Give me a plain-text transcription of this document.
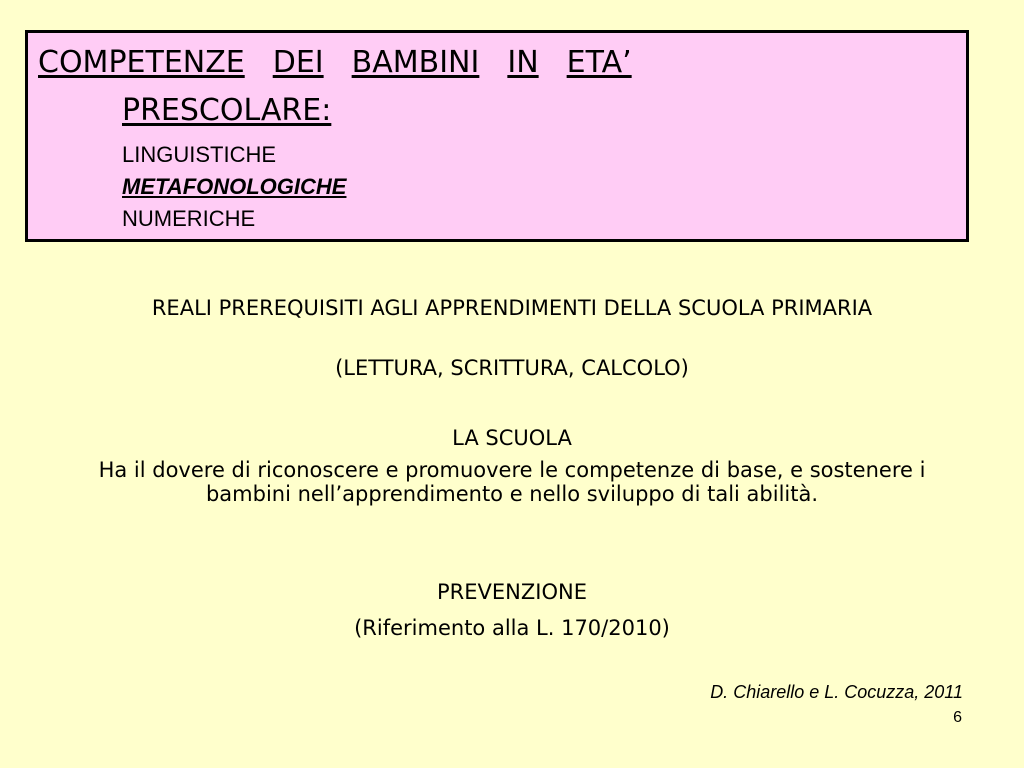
COMPETENZE DEI BAMBINI IN ETA’
PRESCOLARE:
LINGUISTICHE
METAFONOLOGICHE
NUMERICHE
REALI PREREQUISITI AGLI APPRENDIMENTI DELLA SCUOLA PRIMARIA
(LETTURA, SCRITTURA, CALCOLO)
LA SCUOLA
Ha il dovere di riconoscere e promuovere le competenze di base, e sostenere i bambini nell’apprendimento e nello sviluppo di tali abilità.
PREVENZIONE
(Riferimento alla L. 170/2010)
D. Chiarello e L. Cocuzza, 2011
6
